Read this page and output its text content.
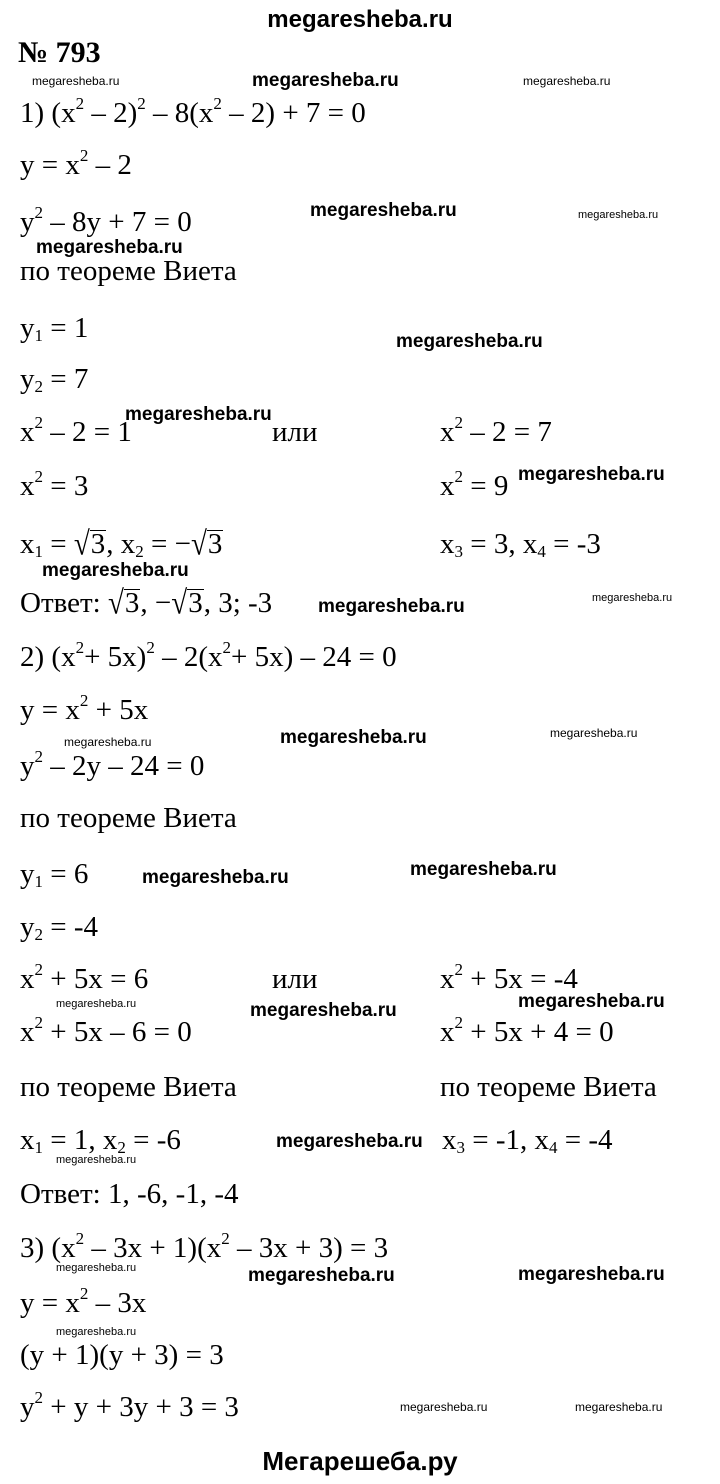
megaresheba.ru
№ 793
1) $(x^2 - 2)^2 - 8(x^2 - 2) + 7 = 0$
$y = x^2 - 2$
$y^2 - 8y + 7 = 0$
по теореме Виета
$y_1 = 1$
$y_2 = 7$
$x^2 - 2 = 1$	или	$x^2 - 2 = 7$
$x^2 = 3$	$x^2 = 9$
$x_1 = √3$, $x_2 = -√3$	$x_3 = 3$, $x_4 = -3$
Ответ: √3, −√3, 3; -3
2) $(x^2+ 5x)^2 - 2(x^2+ 5x) - 24 = 0$
$y = x^2 + 5x$
$y^2 - 2y - 24 = 0$
по теореме Виета
$y_1 = 6$
$y_2 = -4$
$x^2 + 5x = 6$	или	$x^2 + 5x = -4$
$x^2 + 5x - 6 = 0$	$x^2 + 5x + 4 = 0$
по теореме Виета	по теореме Виета
$x_1 = 1$, $x_2 = -6$	$x_3 = -1$, $x_4 = -4$
Ответ: 1, -6, -1, -4
3) $(x^2 - 3x + 1)(x^2 - 3x + 3) = 3$
$y = x^2 - 3x$
(y + 1)(y + 3) = 3
$y^2 + y + 3y + 3 = 3$
megaresheba.ru	megaresheba.ru	megaresheba.ru
megaresheba.ru	megaresheba.ru
megaresheba.ru
megaresheba.ru
megaresheba.ru
megaresheba.ru
megaresheba.ru
megaresheba.ru	megaresheba.ru
megaresheba.ru	megaresheba.ru	megaresheba.ru
megaresheba.ru	megaresheba.ru
megaresheba.ru	megaresheba.ru	megaresheba.ru
megaresheba.ru
megaresheba.ru
megaresheba.ru	megaresheba.ru	megaresheba.ru
megaresheba.ru
megaresheba.ru	megaresheba.ru
Мегарешеба.ру
